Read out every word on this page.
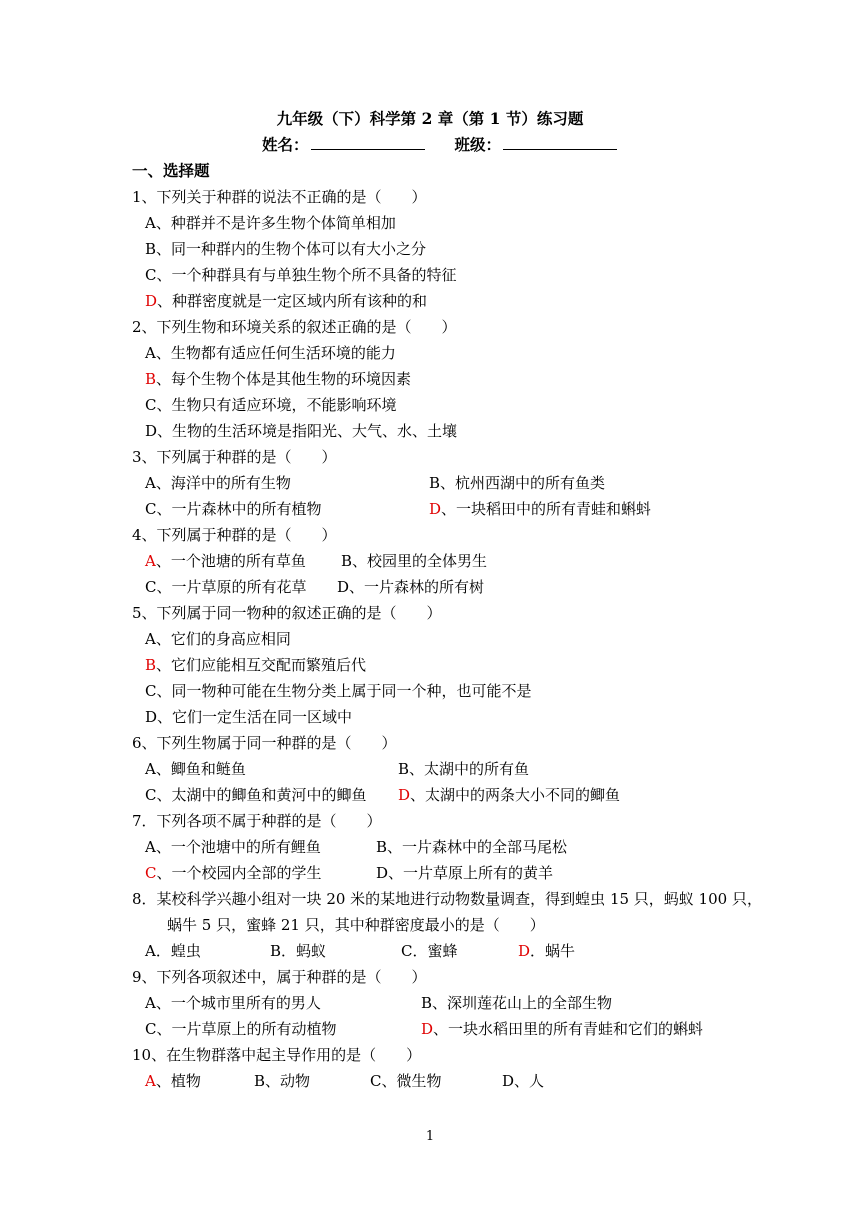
九年级（下）科学第 2 章（第 1 节）练习题
姓名：	班级：
一、选择题
1、下列关于种群的说法不正确的是（　　）
A、种群并不是许多生物个体简单相加
B、同一种群内的生物个体可以有大小之分
C、一个种群具有与单独生物个所不具备的特征
D、种群密度就是一定区域内所有该种的和
2、下列生物和环境关系的叙述正确的是（　　）
A、生物都有适应任何生活环境的能力
B、每个生物个体是其他生物的环境因素
C、生物只有适应环境，不能影响环境
D、生物的生活环境是指阳光、大气、水、土壤
3、下列属于种群的是（　　）
A、海洋中的所有生物	B、杭州西湖中的所有鱼类
C、一片森林中的所有植物	D、一块稻田中的所有青蛙和蝌蚪
4、下列属于种群的是（　　）
A、一个池塘的所有草鱼 B、校园里的全体男生
C、一片草原的所有花草 D、一片森林的所有树
5、下列属于同一物种的叙述正确的是（　　）
A、它们的身高应相同
B、它们应能相互交配而繁殖后代
C、同一物种可能在生物分类上属于同一个种，也可能不是
D、它们一定生活在同一区域中
6、下列生物属于同一种群的是（　　）
A、鲫鱼和鲢鱼	B、太湖中的所有鱼
C、太湖中的鲫鱼和黄河中的鲫鱼 D、太湖中的两条大小不同的鲫鱼
7．下列各项不属于种群的是（　　）
A、一个池塘中的所有鲤鱼	B、一片森林中的全部马尾松
C、一个校园内全部的学生	D、一片草原上所有的黄羊
8．某校科学兴趣小组对一块 20 米的某地进行动物数量调查，得到蝗虫 15 只，蚂蚁 100 只，
蜗牛 5 只，蜜蜂 21 只，其中种群密度最小的是（　　）
A．蝗虫	B．蚂蚁	C．蜜蜂	D．蜗牛
9、下列各项叙述中，属于种群的是（　　）
A、一个城市里所有的男人	B、深圳莲花山上的全部生物
C、一片草原上的所有动植物	D、一块水稻田里的所有青蛙和它们的蝌蚪
10、在生物群落中起主导作用的是（　　）
A、植物	B、动物	C、微生物	D、人
1
